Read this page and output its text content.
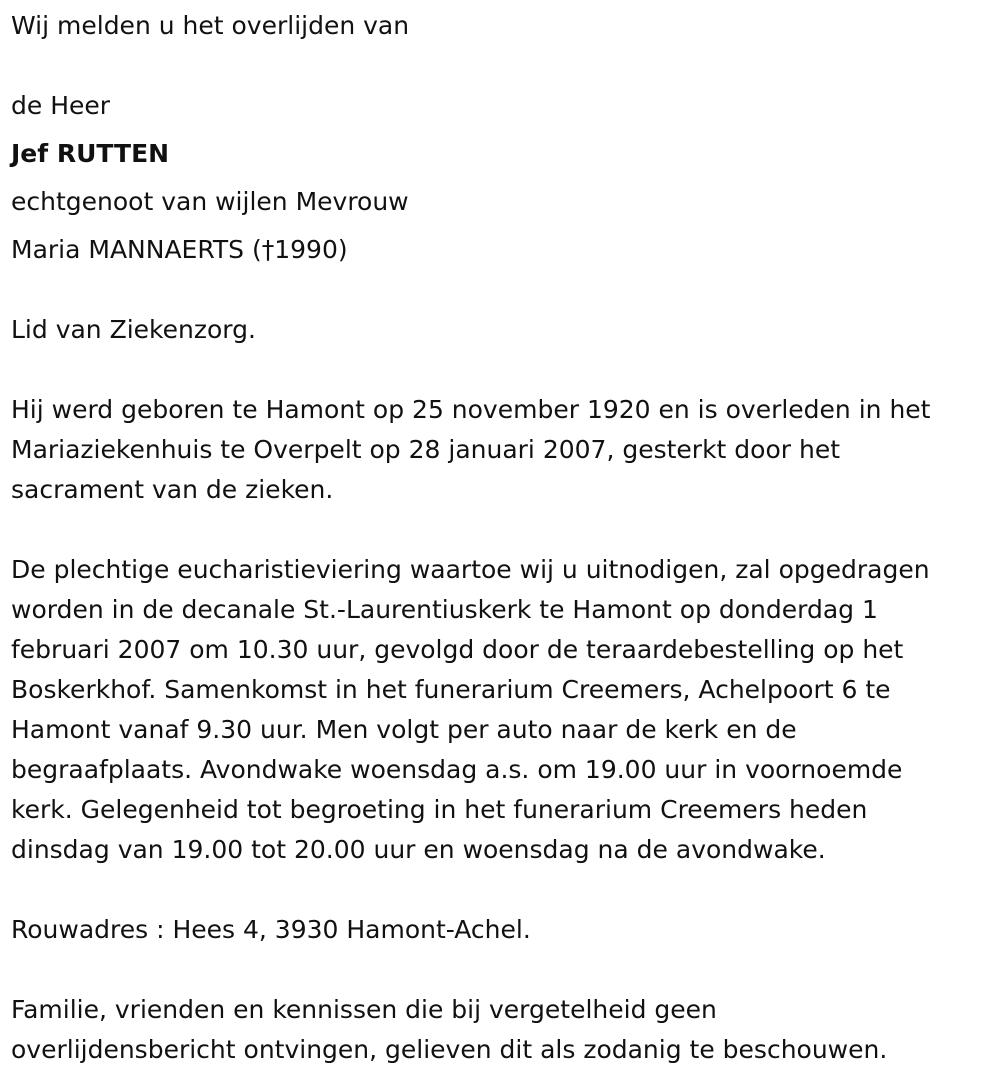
Wij melden u het overlijden van
de Heer
Jef RUTTEN
echtgenoot van wijlen Mevrouw
Maria MANNAERTS (†1990)
Lid van Ziekenzorg.
Hij werd geboren te Hamont op 25 november 1920 en is overleden in het
Mariaziekenhuis te Overpelt op 28 januari 2007, gesterkt door het
sacrament van de zieken.
De plechtige eucharistieviering waartoe wij u uitnodigen, zal opgedragen
worden in de decanale St.-Laurentiuskerk te Hamont op donderdag 1
februari 2007 om 10.30 uur, gevolgd door de teraardebestelling op het
Boskerkhof. Samenkomst in het funerarium Creemers, Achelpoort 6 te
Hamont vanaf 9.30 uur. Men volgt per auto naar de kerk en de
begraafplaats. Avondwake woensdag a.s. om 19.00 uur in voornoemde
kerk. Gelegenheid tot begroeting in het funerarium Creemers heden
dinsdag van 19.00 tot 20.00 uur en woensdag na de avondwake.
Rouwadres : Hees 4, 3930 Hamont-Achel.
Familie, vrienden en kennissen die bij vergetelheid geen
overlijdensbericht ontvingen, gelieven dit als zodanig te beschouwen.
